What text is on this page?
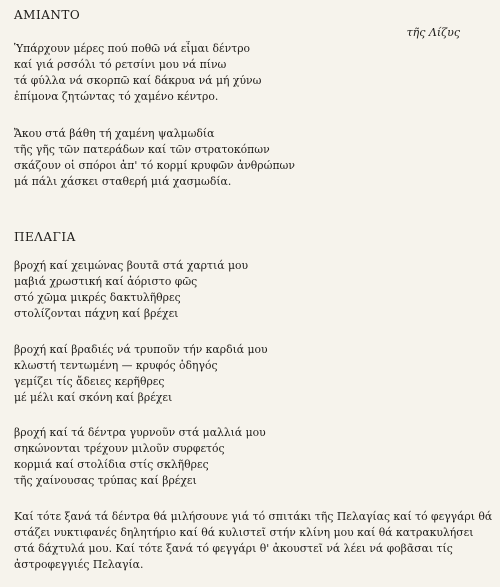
ΑΜΙΑΝΤΟ
τῆς Λίζυς
Ὑπάρχουν μέρες πού ποθῶ νά εἶμαι δέντρο
καί γιά ρσσόλι τό ρετσίνι μου νά πίνω
τά φύλλα νά σκορπῶ καί δάκρυα νά μή χύνω
ἐπίμονα ζητώντας τό χαμένο κέντρο.
Ἄκου στά βάθη τή χαμένη ψαλμωδία
τῆς γῆς τῶν πατεράδων καί τῶν στρατοκόπων
σκάζουν οἱ σπόροι ἀπ' τό κορμί κρυφῶν ἀνθρώπων
μά πάλι χάσκει σταθερή μιά χασμωδία.
ΠΕΛΑΓΙΑ
βροχή καί χειμώνας βουτᾶ στά χαρτιά μου
μαβιά χρωστική καί ἀόριστο φῶς
στό χῶμα μικρές δακτυλῆθρες
στολίζονται πάχνη καί βρέχει
βροχή καί βραδιές νά τρυποῦν τήν καρδιά μου
κλωστή τεντωμένη — κρυφός ὁδηγός
γεμίζει τίς ἄδειες κερῆθρες
μέ μέλι καί σκόνη καί βρέχει
βροχή καί τά δέντρα γυρνοῦν στά μαλλιά μου
σηκώνονται τρέχουν μιλοῦν συρφετός
κορμιά καί στολίδια στίς σκλῆθρες
τῆς χαίνουσας τρύπας καί βρέχει
Καί τότε ξανά τά δέντρα θά μιλήσουνε γιά τό σπιτάκι τῆς Πελαγίας καί τό φεγγάρι θά στάζει νυκτιφανές δηλητήριο καί θά κυλιστεῖ στήν κλίνη μου καί θά κατρακυλήσει στά δάχτυλά μου. Καί τότε ξανά τό φεγγάρι θ' ἀκουστεῖ νά λέει νά φοβᾶσαι τίς ἀστροφεγγιές Πελαγία.
